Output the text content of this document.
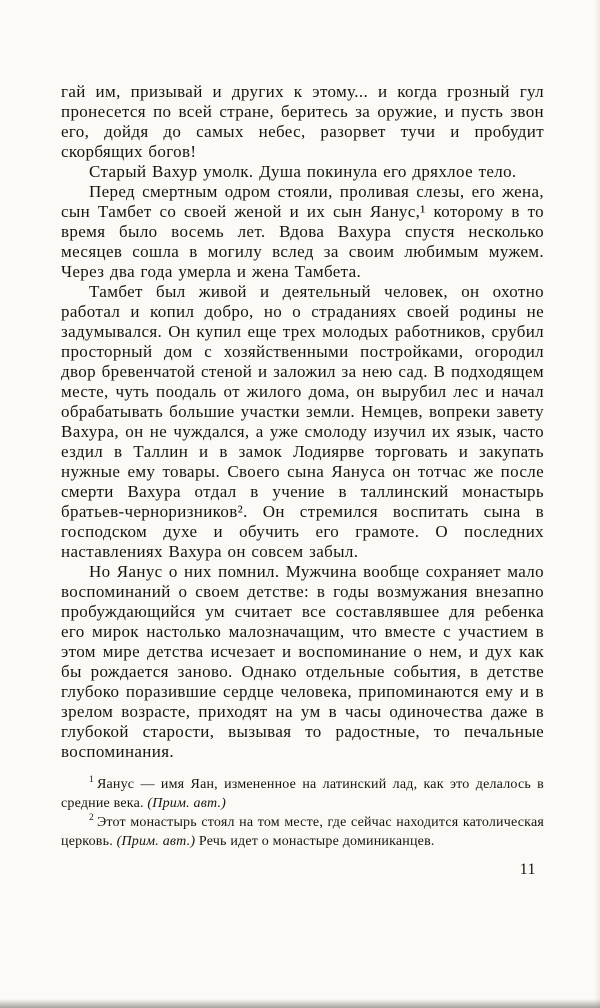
гай им, призывай и других к этому... и когда грозный гул пронесется по всей стране, беритесь за оружие, и пусть звон его, дойдя до самых небес, разорвет тучи и пробудит скорбящих богов!

Старый Вахур умолк. Душа покинула его дряхлое тело.

Перед смертным одром стояли, проливая слезы, его жена, сын Тамбет со своей женой и их сын Яанус,¹ которому в то время было восемь лет. Вдова Вахура спустя несколько месяцев сошла в могилу вслед за своим любимым мужем. Через два года умерла и жена Тамбета.

Тамбет был живой и деятельный человек, он охотно работал и копил добро, но о страданиях своей родины не задумывался. Он купил еще трех молодых работников, срубил просторный дом с хозяйственными постройками, огородил двор бревенчатой стеной и заложил за нею сад. В подходящем месте, чуть поодаль от жилого дома, он вырубил лес и начал обрабатывать большие участки земли. Немцев, вопреки завету Вахура, он не чуждался, а уже смолоду изучил их язык, часто ездил в Таллин и в замок Лодиярве торговать и закупать нужные ему товары. Своего сына Яануса он тотчас же после смерти Вахура отдал в учение в таллинский монастырь братьев-черноризников². Он стремился воспитать сына в господском духе и обучить его грамоте. О последних наставлениях Вахура он совсем забыл.

Но Яанус о них помнил. Мужчина вообще сохраняет мало воспоминаний о своем детстве: в годы возмужания внезапно пробуждающийся ум считает все составлявшее для ребенка его мирок настолько малозначащим, что вместе с участием в этом мире детства исчезает и воспоминание о нем, и дух как бы рождается заново. Однако отдельные события, в детстве глубоко поразившие сердце человека, припоминаются ему и в зрелом возрасте, приходят на ум в часы одиночества даже в глубокой старости, вызывая то радостные, то печальные воспоминания.

$^1$ Яанус — имя Яан, измененное на латинский лад, как это делалось в средние века. (Прим. авт.)

$^2$ Этот монастырь стоял на том месте, где сейчас находится католическая церковь. (Прим. авт.) Речь идет о монастыре доминиканцев.

11
